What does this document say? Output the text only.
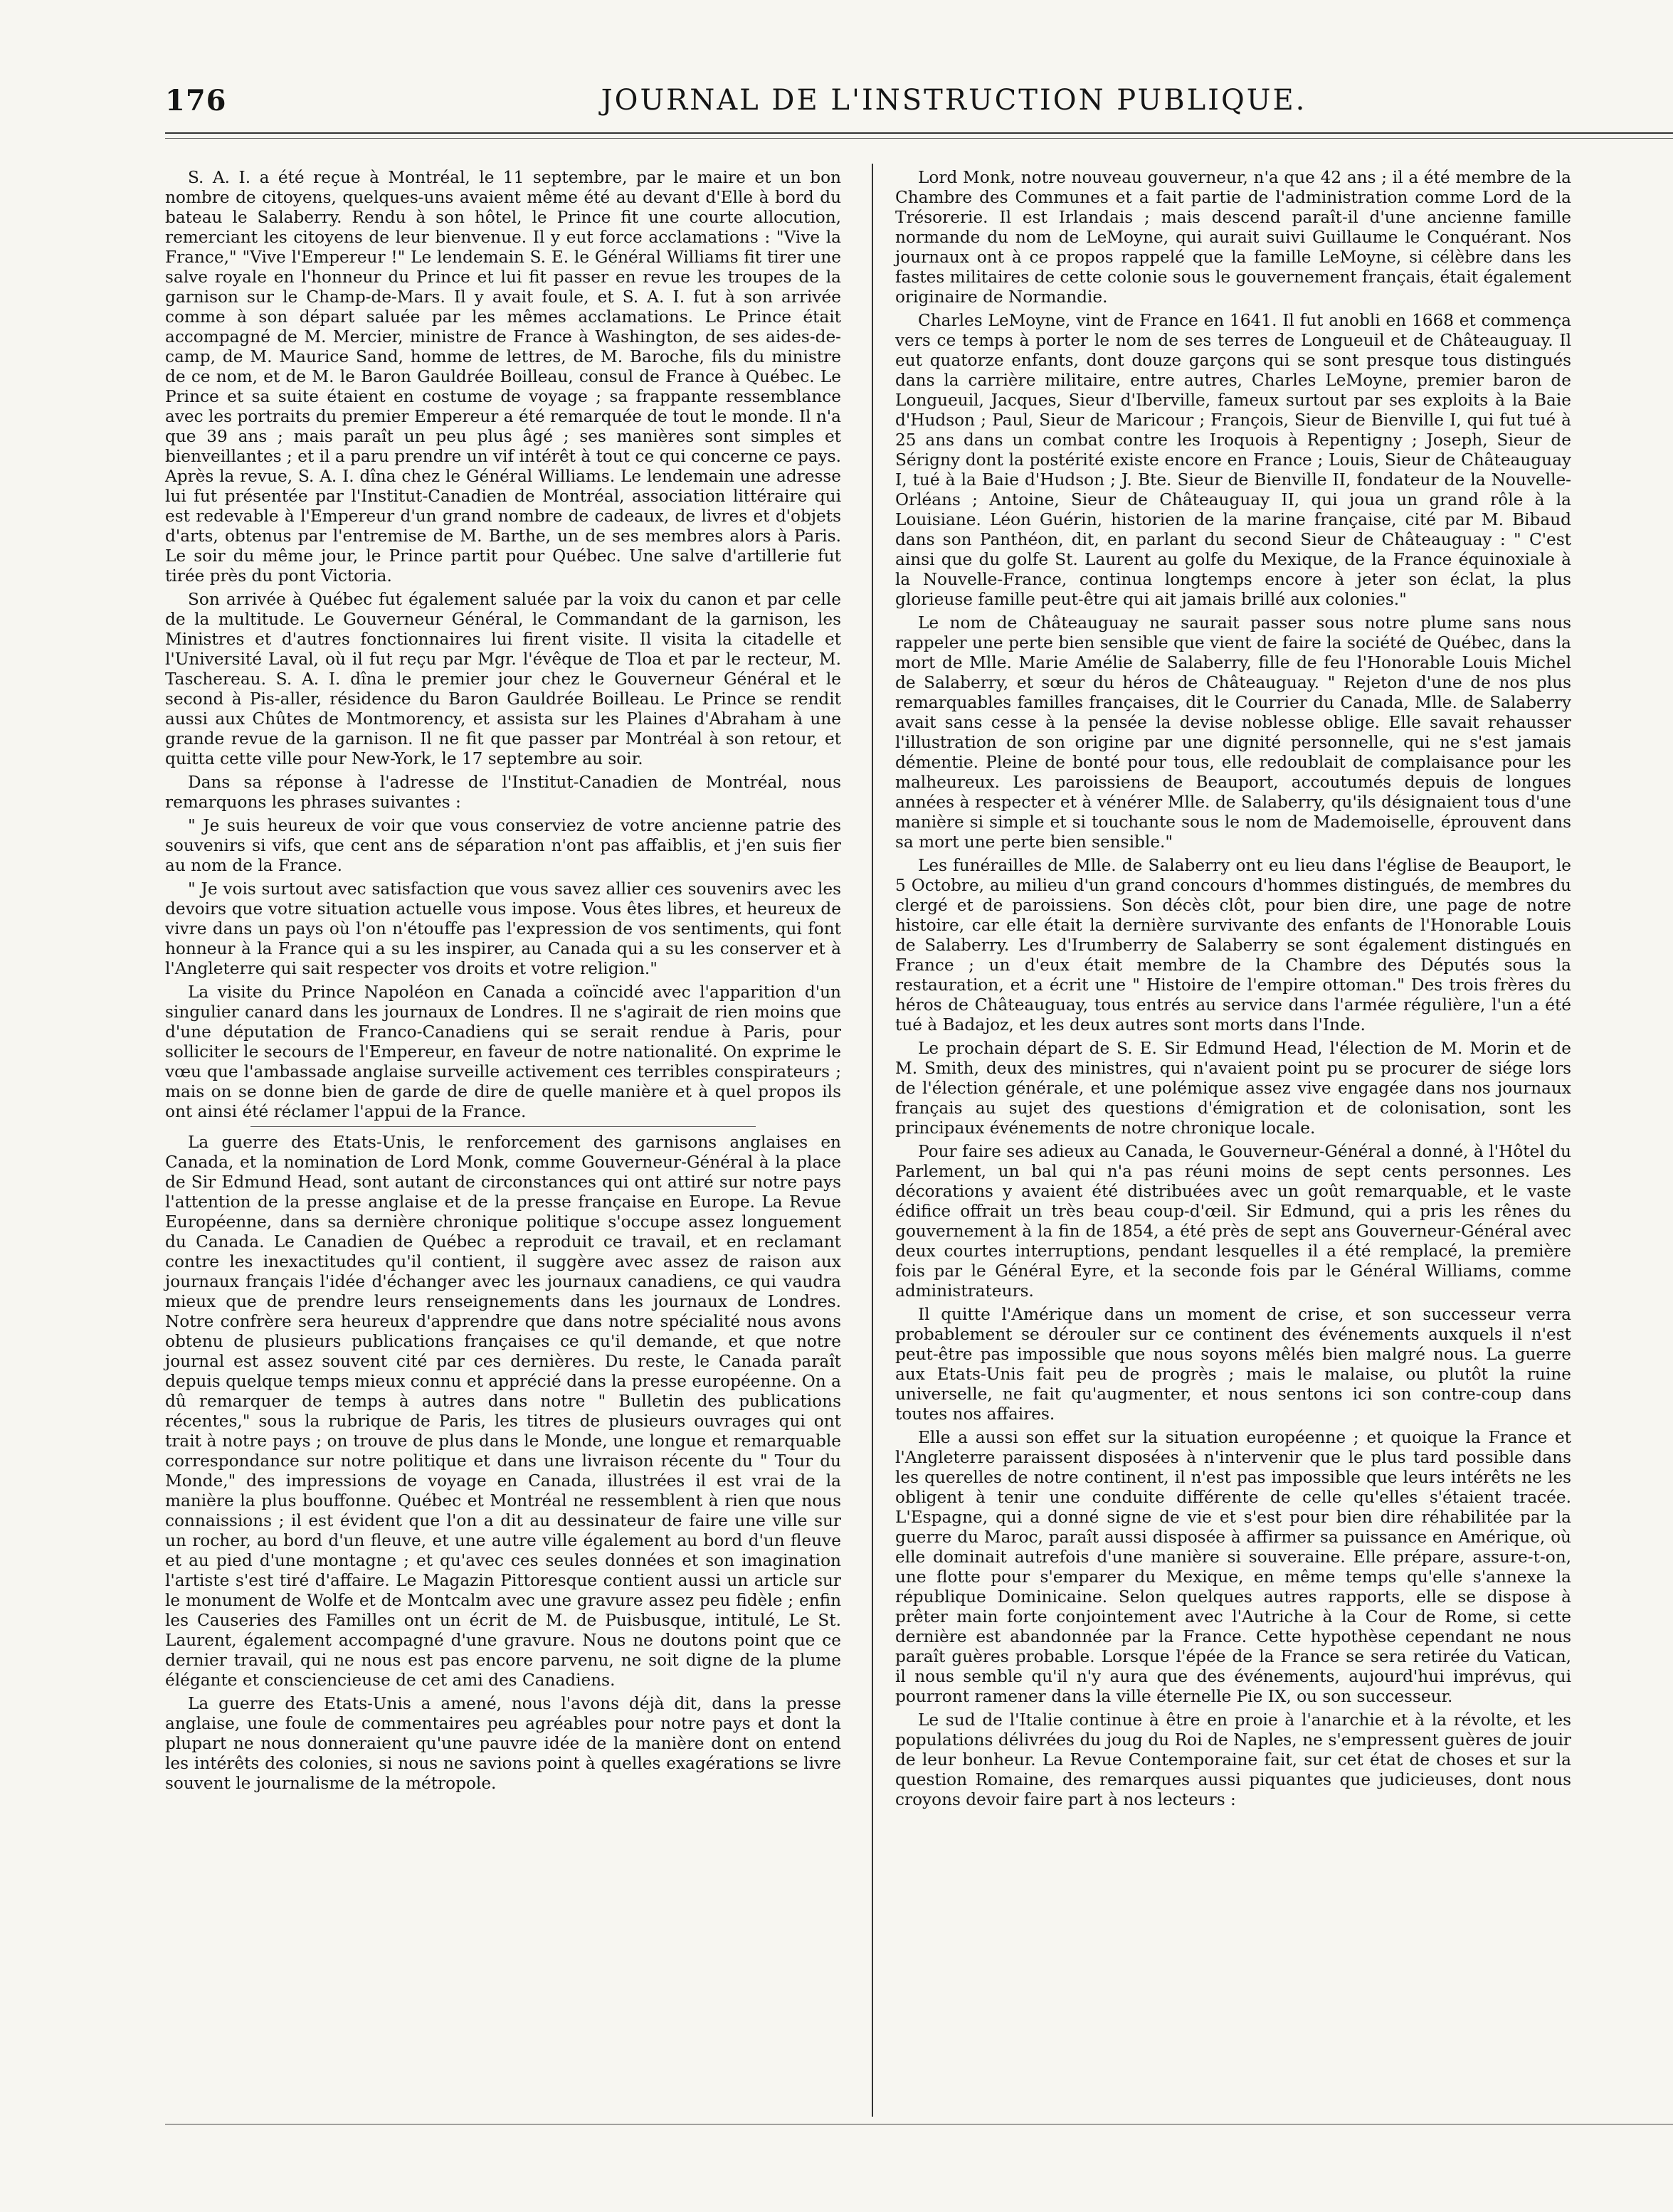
176	JOURNAL DE L'INSTRUCTION PUBLIQUE.

S. A. I. a été reçue à Montréal, le 11 septembre, par le maire et un bon nombre de citoyens, quelques-uns avaient même été au devant d'Elle à bord du bateau le Salaberry. Rendu à son hôtel, le Prince fit une courte allocution, remerciant les citoyens de leur bienvenue. Il y eut force acclamations : "Vive la France," "Vive l'Empereur !" Le lendemain S. E. le Général Williams fit tirer une salve royale en l'honneur du Prince et lui fit passer en revue les troupes de la garnison sur le Champ-de-Mars. Il y avait foule, et S. A. I. fut à son arrivée comme à son départ saluée par les mêmes acclamations. Le Prince était accompagné de M. Mercier, ministre de France à Washington, de ses aides-de-camp, de M. Maurice Sand, homme de lettres, de M. Baroche, fils du ministre de ce nom, et de M. le Baron Gauldrée Boilleau, consul de France à Québec. Le Prince et sa suite étaient en costume de voyage ; sa frappante ressemblance avec les portraits du premier Empereur a été remarquée de tout le monde. Il n'a que 39 ans ; mais paraît un peu plus âgé ; ses manières sont simples et bienveillantes ; et il a paru prendre un vif intérêt à tout ce qui concerne ce pays. Après la revue, S. A. I. dîna chez le Général Williams. Le lendemain une adresse lui fut présentée par l'Institut-Canadien de Montréal, association littéraire qui est redevable à l'Empereur d'un grand nombre de cadeaux, de livres et d'objets d'arts, obtenus par l'entremise de M. Barthe, un de ses membres alors à Paris. Le soir du même jour, le Prince partit pour Québec. Une salve d'artillerie fut tirée près du pont Victoria.

Son arrivée à Québec fut également saluée par la voix du canon et par celle de la multitude. Le Gouverneur Général, le Commandant de la garnison, les Ministres et d'autres fonctionnaires lui firent visite. Il visita la citadelle et l'Université Laval, où il fut reçu par Mgr. l'évêque de Tloa et par le recteur, M. Taschereau. S. A. I. dîna le premier jour chez le Gouverneur Général et le second à Pis-aller, résidence du Baron Gauldrée Boilleau. Le Prince se rendit aussi aux Chûtes de Montmorency, et assista sur les Plaines d'Abraham à une grande revue de la garnison. Il ne fit que passer par Montréal à son retour, et quitta cette ville pour New-York, le 17 septembre au soir.

Dans sa réponse à l'adresse de l'Institut-Canadien de Montréal, nous remarquons les phrases suivantes :

" Je suis heureux de voir que vous conserviez de votre ancienne patrie des souvenirs si vifs, que cent ans de séparation n'ont pas affaiblis, et j'en suis fier au nom de la France.

" Je vois surtout avec satisfaction que vous savez allier ces souvenirs avec les devoirs que votre situation actuelle vous impose. Vous êtes libres, et heureux de vivre dans un pays où l'on n'étouffe pas l'expression de vos sentiments, qui font honneur à la France qui a su les inspirer, au Canada qui a su les conserver et à l'Angleterre qui sait respecter vos droits et votre religion."

La visite du Prince Napoléon en Canada a coïncidé avec l'apparition d'un singulier canard dans les journaux de Londres. Il ne s'agirait de rien moins que d'une députation de Franco-Canadiens qui se serait rendue à Paris, pour solliciter le secours de l'Empereur, en faveur de notre nationalité. On exprime le vœu que l'ambassade anglaise surveille activement ces terribles conspirateurs ; mais on se donne bien de garde de dire de quelle manière et à quel propos ils ont ainsi été réclamer l'appui de la France.

La guerre des Etats-Unis, le renforcement des garnisons anglaises en Canada, et la nomination de Lord Monk, comme Gouverneur-Général à la place de Sir Edmund Head, sont autant de circonstances qui ont attiré sur notre pays l'attention de la presse anglaise et de la presse française en Europe. La Revue Européenne, dans sa dernière chronique politique s'occupe assez longuement du Canada. Le Canadien de Québec a reproduit ce travail, et en reclamant contre les inexactitudes qu'il contient, il suggère avec assez de raison aux journaux français l'idée d'échanger avec les journaux canadiens, ce qui vaudra mieux que de prendre leurs renseignements dans les journaux de Londres. Notre confrère sera heureux d'apprendre que dans notre spécialité nous avons obtenu de plusieurs publications françaises ce qu'il demande, et que notre journal est assez souvent cité par ces dernières. Du reste, le Canada paraît depuis quelque temps mieux connu et apprécié dans la presse européenne. On a dû remarquer de temps à autres dans notre " Bulletin des publications récentes," sous la rubrique de Paris, les titres de plusieurs ouvrages qui ont trait à notre pays ; on trouve de plus dans le Monde, une longue et remarquable correspondance sur notre politique et dans une livraison récente du " Tour du Monde," des impressions de voyage en Canada, illustrées il est vrai de la manière la plus bouffonne. Québec et Montréal ne ressemblent à rien que nous connaissions ; il est évident que l'on a dit au dessinateur de faire une ville sur un rocher, au bord d'un fleuve, et une autre ville également au bord d'un fleuve et au pied d'une montagne ; et qu'avec ces seules données et son imagination l'artiste s'est tiré d'affaire. Le Magazin Pittoresque contient aussi un article sur le monument de Wolfe et de Montcalm avec une gravure assez peu fidèle ; enfin les Causeries des Familles ont un écrit de M. de Puisbusque, intitulé, Le St. Laurent, également accompagné d'une gravure. Nous ne doutons point que ce dernier travail, qui ne nous est pas encore parvenu, ne soit digne de la plume élégante et consciencieuse de cet ami des Canadiens.

La guerre des Etats-Unis a amené, nous l'avons déjà dit, dans la presse anglaise, une foule de commentaires peu agréables pour notre pays et dont la plupart ne nous donneraient qu'une pauvre idée de la manière dont on entend les intérêts des colonies, si nous ne savions point à quelles exagérations se livre souvent le journalisme de la métropole.

Lord Monk, notre nouveau gouverneur, n'a que 42 ans ; il a été membre de la Chambre des Communes et a fait partie de l'administration comme Lord de la Trésorerie. Il est Irlandais ; mais descend paraît-il d'une ancienne famille normande du nom de LeMoyne, qui aurait suivi Guillaume le Conquérant. Nos journaux ont à ce propos rappelé que la famille LeMoyne, si célèbre dans les fastes militaires de cette colonie sous le gouvernement français, était également originaire de Normandie.

Charles LeMoyne, vint de France en 1641. Il fut anobli en 1668 et commença vers ce temps à porter le nom de ses terres de Longueuil et de Châteauguay. Il eut quatorze enfants, dont douze garçons qui se sont presque tous distingués dans la carrière militaire, entre autres, Charles LeMoyne, premier baron de Longueuil, Jacques, Sieur d'Iberville, fameux surtout par ses exploits à la Baie d'Hudson ; Paul, Sieur de Maricour ; François, Sieur de Bienville I, qui fut tué à 25 ans dans un combat contre les Iroquois à Repentigny ; Joseph, Sieur de Sérigny dont la postérité existe encore en France ; Louis, Sieur de Châteauguay I, tué à la Baie d'Hudson ; J. Bte. Sieur de Bienville II, fondateur de la Nouvelle-Orléans ; Antoine, Sieur de Châteauguay II, qui joua un grand rôle à la Louisiane. Léon Guérin, historien de la marine française, cité par M. Bibaud dans son Panthéon, dit, en parlant du second Sieur de Châteauguay : " C'est ainsi que du golfe St. Laurent au golfe du Mexique, de la France équinoxiale à la Nouvelle-France, continua longtemps encore à jeter son éclat, la plus glorieuse famille peut-être qui ait jamais brillé aux colonies."

Le nom de Châteauguay ne saurait passer sous notre plume sans nous rappeler une perte bien sensible que vient de faire la société de Québec, dans la mort de Mlle. Marie Amélie de Salaberry, fille de feu l'Honorable Louis Michel de Salaberry, et sœur du héros de Châteauguay. " Rejeton d'une de nos plus remarquables familles françaises, dit le Courrier du Canada, Mlle. de Salaberry avait sans cesse à la pensée la devise noblesse oblige. Elle savait rehausser l'illustration de son origine par une dignité personnelle, qui ne s'est jamais démentie. Pleine de bonté pour tous, elle redoublait de complaisance pour les malheureux. Les paroissiens de Beauport, accoutumés depuis de longues années à respecter et à vénérer Mlle. de Salaberry, qu'ils désignaient tous d'une manière si simple et si touchante sous le nom de Mademoiselle, éprouvent dans sa mort une perte bien sensible."

Les funérailles de Mlle. de Salaberry ont eu lieu dans l'église de Beauport, le 5 Octobre, au milieu d'un grand concours d'hommes distingués, de membres du clergé et de paroissiens. Son décès clôt, pour bien dire, une page de notre histoire, car elle était la dernière survivante des enfants de l'Honorable Louis de Salaberry. Les d'Irumberry de Salaberry se sont également distingués en France ; un d'eux était membre de la Chambre des Députés sous la restauration, et a écrit une " Histoire de l'empire ottoman." Des trois frères du héros de Châteauguay, tous entrés au service dans l'armée régulière, l'un a été tué à Badajoz, et les deux autres sont morts dans l'Inde.

Le prochain départ de S. E. Sir Edmund Head, l'élection de M. Morin et de M. Smith, deux des ministres, qui n'avaient point pu se procurer de siége lors de l'élection générale, et une polémique assez vive engagée dans nos journaux français au sujet des questions d'émigration et de colonisation, sont les principaux événements de notre chronique locale.

Pour faire ses adieux au Canada, le Gouverneur-Général a donné, à l'Hôtel du Parlement, un bal qui n'a pas réuni moins de sept cents personnes. Les décorations y avaient été distribuées avec un goût remarquable, et le vaste édifice offrait un très beau coup-d'œil. Sir Edmund, qui a pris les rênes du gouvernement à la fin de 1854, a été près de sept ans Gouverneur-Général avec deux courtes interruptions, pendant lesquelles il a été remplacé, la première fois par le Général Eyre, et la seconde fois par le Général Williams, comme administrateurs.

Il quitte l'Amérique dans un moment de crise, et son successeur verra probablement se dérouler sur ce continent des événements auxquels il n'est peut-être pas impossible que nous soyons mêlés bien malgré nous. La guerre aux Etats-Unis fait peu de progrès ; mais le malaise, ou plutôt la ruine universelle, ne fait qu'augmenter, et nous sentons ici son contre-coup dans toutes nos affaires.

Elle a aussi son effet sur la situation européenne ; et quoique la France et l'Angleterre paraissent disposées à n'intervenir que le plus tard possible dans les querelles de notre continent, il n'est pas impossible que leurs intérêts ne les obligent à tenir une conduite différente de celle qu'elles s'étaient tracée. L'Espagne, qui a donné signe de vie et s'est pour bien dire réhabilitée par la guerre du Maroc, paraît aussi disposée à affirmer sa puissance en Amérique, où elle dominait autrefois d'une manière si souveraine. Elle prépare, assure-t-on, une flotte pour s'emparer du Mexique, en même temps qu'elle s'annexe la république Dominicaine. Selon quelques autres rapports, elle se dispose à prêter main forte conjointement avec l'Autriche à la Cour de Rome, si cette dernière est abandonnée par la France. Cette hypothèse cependant ne nous paraît guères probable. Lorsque l'épée de la France se sera retirée du Vatican, il nous semble qu'il n'y aura que des événements, aujourd'hui imprévus, qui pourront ramener dans la ville éternelle Pie IX, ou son successeur.

Le sud de l'Italie continue à être en proie à l'anarchie et à la révolte, et les populations délivrées du joug du Roi de Naples, ne s'empressent guères de jouir de leur bonheur. La Revue Contemporaine fait, sur cet état de choses et sur la question Romaine, des remarques aussi piquantes que judicieuses, dont nous croyons devoir faire part à nos lecteurs :
